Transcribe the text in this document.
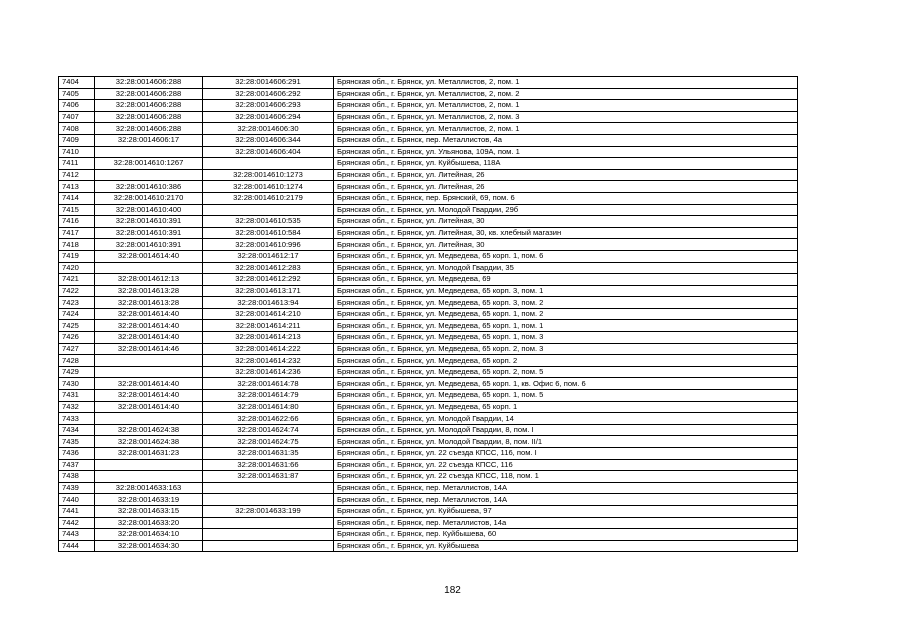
7404	32:28:0014606:288	32:28:0014606:291	Брянская обл., г. Брянск, ул. Металлистов, 2, пом. 1
7405	32:28:0014606:288	32:28:0014606:292	Брянская обл., г. Брянск, ул. Металлистов, 2, пом. 2
7406	32:28:0014606:288	32:28:0014606:293	Брянская обл., г. Брянск, ул. Металлистов, 2, пом. 1
7407	32:28:0014606:288	32:28:0014606:294	Брянская обл., г. Брянск, ул. Металлистов, 2, пом. 3
7408	32:28:0014606:288	32:28:0014606:30	Брянская обл., г. Брянск, ул. Металлистов, 2, пом. 1
7409	32:28:0014606:17	32:28:0014606:344	Брянская обл., г. Брянск, пер. Металлистов, 4а
7410		32:28:0014606:404	Брянская обл., г. Брянск, ул. Ульянова, 109А, пом. 1
7411	32:28:0014610:1267		Брянская обл., г. Брянск, ул. Куйбышева, 118А
7412		32:28:0014610:1273	Брянская обл., г. Брянск, ул. Литейная, 26
7413	32:28:0014610:386	32:28:0014610:1274	Брянская обл., г. Брянск, ул. Литейная, 26
7414	32:28:0014610:2170	32:28:0014610:2179	Брянская обл., г. Брянск, пер. Брянский, 69, пом. 6
7415	32:28:0014610:400		Брянская обл., г. Брянск, ул. Молодой Гвардии, 29б
7416	32:28:0014610:391	32:28:0014610:535	Брянская обл., г. Брянск, ул. Литейная, 30
7417	32:28:0014610:391	32:28:0014610:584	Брянская обл., г. Брянск, ул. Литейная, 30, кв. хлебный магазин
7418	32:28:0014610:391	32:28:0014610:996	Брянская обл., г. Брянск, ул. Литейная, 30
7419	32:28:0014614:40	32:28:0014612:17	Брянская обл., г. Брянск, ул. Медведева, 65 корп. 1, пом. 6
7420		32:28:0014612:283	Брянская обл., г. Брянск, ул. Молодой Гвардии, 35
7421	32:28:0014612:13	32:28:0014612:292	Брянская обл., г. Брянск, ул. Медведева, 69
7422	32:28:0014613:28	32:28:0014613:171	Брянская обл., г. Брянск, ул. Медведева, 65 корп. 3, пом. 1
7423	32:28:0014613:28	32:28:0014613:94	Брянская обл., г. Брянск, ул. Медведева, 65 корп. 3, пом. 2
7424	32:28:0014614:40	32:28:0014614:210	Брянская обл., г. Брянск, ул. Медведева, 65 корп. 1, пом. 2
7425	32:28:0014614:40	32:28:0014614:211	Брянская обл., г. Брянск, ул. Медведева, 65 корп. 1, пом. 1
7426	32:28:0014614:40	32:28:0014614:213	Брянская обл., г. Брянск, ул. Медведева, 65 корп. 1, пом. 3
7427	32:28:0014614:46	32:28:0014614:222	Брянская обл., г. Брянск, ул. Медведева, 65 корп. 2, пом. 3
7428		32:28:0014614:232	Брянская обл., г. Брянск, ул. Медведева, 65 корп. 2
7429		32:28:0014614:236	Брянская обл., г. Брянск, ул. Медведева, 65 корп. 2, пом. 5
7430	32:28:0014614:40	32:28:0014614:78	Брянская обл., г. Брянск, ул. Медведева, 65 корп. 1, кв. Офис 6, пом. 6
7431	32:28:0014614:40	32:28:0014614:79	Брянская обл., г. Брянск, ул. Медведева, 65 корп. 1, пом. 5
7432	32:28:0014614:40	32:28:0014614:80	Брянская обл., г. Брянск, ул. Медведева, 65 корп. 1
7433		32:28:0014622:66	Брянская обл., г. Брянск, ул. Молодой Гвардии, 14
7434	32:28:0014624:38	32:28:0014624:74	Брянская обл., г. Брянск, ул. Молодой Гвардии, 8, пом. I
7435	32:28:0014624:38	32:28:0014624:75	Брянская обл., г. Брянск, ул. Молодой Гвардии, 8, пом. II/1
7436	32:28:0014631:23	32:28:0014631:35	Брянская обл., г. Брянск, ул. 22 съезда КПСС, 116, пом. I
7437		32:28:0014631:66	Брянская обл., г. Брянск, ул. 22 съезда КПСС, 116
7438		32:28:0014631:87	Брянская обл., г. Брянск, ул. 22 съезда КПСС, 118, пом. 1
7439	32:28:0014633:163		Брянская обл., г. Брянск, пер. Металлистов, 14А
7440	32:28:0014633:19		Брянская обл., г. Брянск, пер. Металлистов, 14А
7441	32:28:0014633:15	32:28:0014633:199	Брянская обл., г. Брянск, ул. Куйбышева, 97
7442	32:28:0014633:20		Брянская обл., г. Брянск, пер. Металлистов, 14а
7443	32:28:0014634:10		Брянская обл., г. Брянск, пер. Куйбышева, 60
7444	32:28:0014634:30		Брянская обл., г. Брянск, ул. Куйбышева
182
